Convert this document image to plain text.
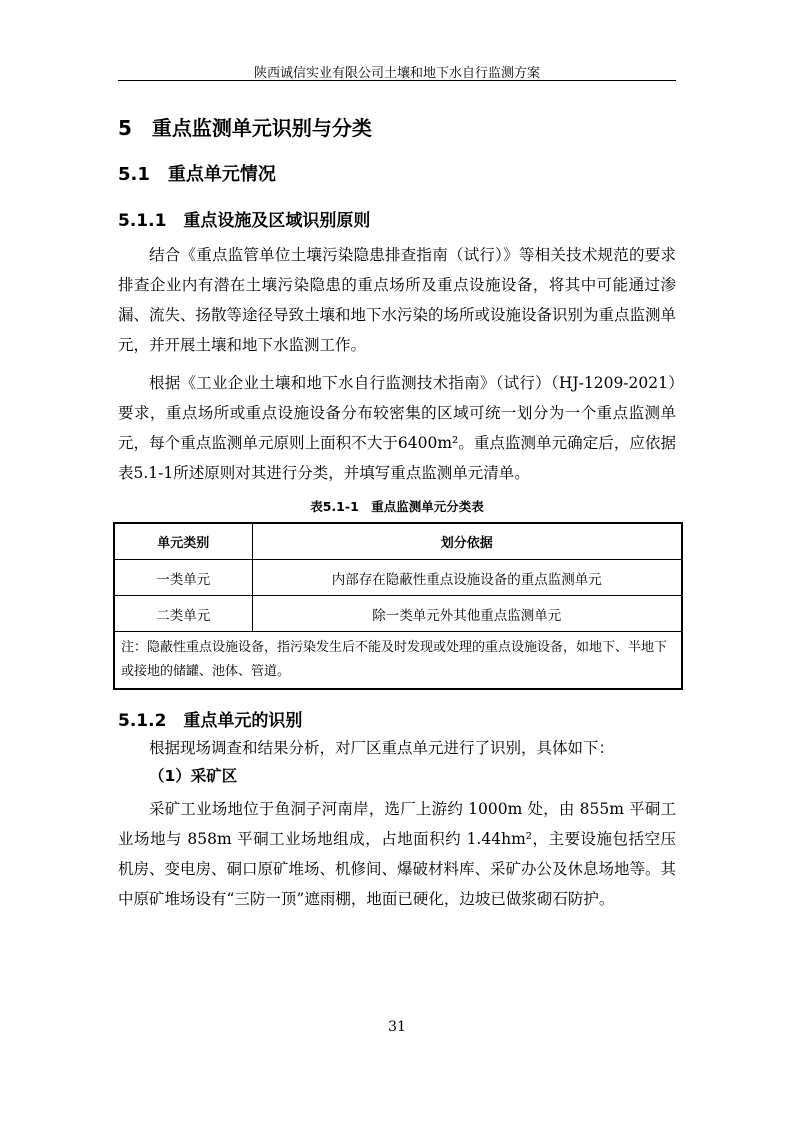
陕西诚信实业有限公司土壤和地下水自行监测方案
5　重点监测单元识别与分类
5.1　重点单元情况
5.1.1　重点设施及区域识别原则

结合《重点监管单位土壤污染隐患排查指南（试行）》等相关技术规范的要求排查企业内有潜在土壤污染隐患的重点场所及重点设施设备，将其中可能通过渗漏、流失、扬散等途径导致土壤和地下水污染的场所或设施设备识别为重点监测单元，并开展土壤和地下水监测工作。

根据《工业企业土壤和地下水自行监测技术指南》（试行）（HJ-1209-2021）要求，重点场所或重点设施设备分布较密集的区域可统一划分为一个重点监测单元，每个重点监测单元原则上面积不大于6400m²。重点监测单元确定后，应依据表5.1-1所述原则对其进行分类，并填写重点监测单元清单。

表5.1-1　重点监测单元分类表
单元类别	划分依据
一类单元	内部存在隐蔽性重点设施设备的重点监测单元
二类单元	除一类单元外其他重点监测单元
注：隐蔽性重点设施设备，指污染发生后不能及时发现或处理的重点设施设备，如地下、半地下或接地的储罐、池体、管道。	
5.1.2　重点单元的识别

根据现场调查和结果分析，对厂区重点单元进行了识别，具体如下：

（1）采矿区

采矿工业场地位于鱼洞子河南岸，选厂上游约 1000m 处，由 855m 平硐工业场地与 858m 平硐工业场地组成，占地面积约 1.44hm²，主要设施包括空压机房、变电房、硐口原矿堆场、机修间、爆破材料库、采矿办公及休息场地等。其中原矿堆场设有“三防一顶”遮雨棚，地面已硬化，边坡已做浆砌石防护。

31
